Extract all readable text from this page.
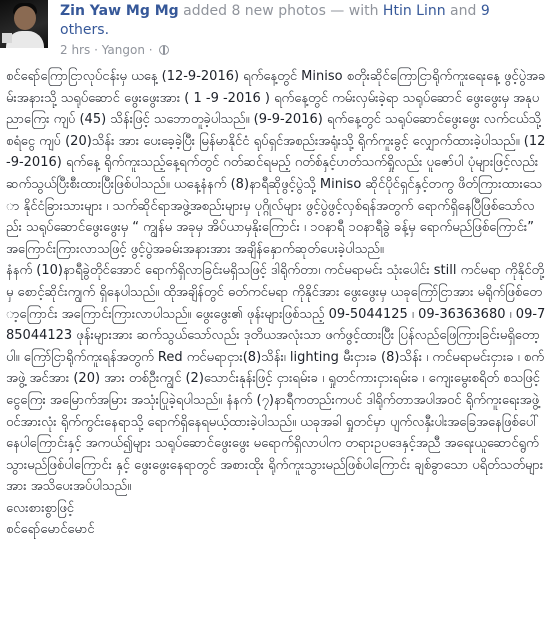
Zin Yaw Mg Mg added 8 new photos — with Htin Linn and 9 others.
2 hrs · Yangon ·

စင်ရော်ကြောငြာလုပ်ငန်းမှ ယနေ့ (12-9-2016) ရက်နေ့တွင် Miniso စတိုးဆိုင်ကြောငြာရိုက်ကူးရေးနေ့ ဖွင့်ပွဲအခမ်းအနားသို့ သရုပ်ဆောင် ဖွေးဖွေးအား ( 1 -9 -2016 ) ရက်နေ့တွင် ကမ်းလှမ်းခဲ့ရာ သရုပ်ဆောင် ဖွေးဖွေးမှ အနုပညာကြေး ကျပ် (45) သိန်းဖြင့် သဘောတူခဲ့ပါသည်။ (9-9-2016) ရက်နေ့တွင် သရုပ်ဆောင်ဖွေးဖွေး လက်ငယ်သို့ စရံငွေ ကျပ် (20)သိန်း အား ပေးခေ့ခဲ့ပြီး မြန်မာနိုင်ငံ ရုပ်ရှင်အစည်းအရုံးသို့ ရိုက်ကူးခွင့် လျှောက်ထားခဲ့ပါသည်။ (12-9-2016) ရက်နေ့ ရိုက်ကူးသည့်နေ့ရက်တွင် ဂတ်ဆင်ရမည့် ဂတ်စ်နှင့်ဟတ်သက်ရှိုလည်း ပူဇော်ပါ ပုံများဖြင့်လည်း ဆက်သွယ်ပြီးစီးထားပြီးဖြစ်ပါသည်။ ယနေ့နံနက် (8)နာရီဆိုဖွင့်ပွဲသို့ Miniso ဆိုင်ပိုင်ရှင်နှင့်တကွ ဖိတ်ကြားထားသော နိုင်ငံခြားသားများ ၊ သက်ဆိုင်ရာအဖွဲ့အစည်းများမှ ပုဂ္ဂိုလ်များ ဖွင့်ပွဲဖွင့်လှစ်ရန်အတွက် ရောက်ရှိနေပြီဖြစ်သော်လည်း သရုပ်ဆောင်ဖွေးဖွေးမှ “ ကျွန်မ အခုမှ အိပ်ယာမှနိုးကြောင်း ၊ ၁၀နာရီ ၁၀နာရီခွဲ ခန့်မှ ရောက်မည်ဖြစ်ကြောင်း” အကြောင်းကြားလာသဖြင့် ဖွင့်ပွဲအခမ်းအနားအား အချိန်နှောက်ဆုတ်ပေးခဲ့ပါသည်။

နံနက် (10)နာရီခွဲတိုင်အောင် ရောက်ရှိလာခြင်းမရှိသဖြင့် ဒါရိုက်တာ၊ ကင်မရာမင်း သုံးပေါင်း still ကင်မရာ ကိုနိုင်တို့မှ စောင့်ဆိုင်းကျွက် ရှိနေပါသည်။ ထိုအချိန်တွင် ဓတ်ကင်မရာ ကိုနိုင်အား ဖွေးဖွေးမှ ယခုကြော်ငြာအား မရိုက်ဖြစ်တော့ကြောင်း အကြောင်းကြားလာပါသည်။ ဖွေးဖွေး၏ ဖုန်းများဖြစ်သည့် 09-5044125 ၊ 09-36363680 ၊ 09-785044123 ဖုန်းများအား ဆက်သွယ်သော်လည်း ဒုတိယအလုံးသာ ဖက်ဖွင့်ထားပြီး ပြန်လည်ဖြေကြားခြင်းမရှိတော့ပါ။ ကြော်ငြာရိုက်ကူးရန်အတွက် Red ကင်မရာငှား(8)သိန်း၊ lighting မီးငှားခ (8)သိန်း ၊ ကင်မရာမင်းငှားခ ၊ စက်အဖွဲ့ အင်အား (20) အား တစ်ဦးကျွင် (2)သောင်းနုန်းဖြင့် ငှားရမ်းခ ၊ ရှုတင်ကားငှားရမ်းခ ၊ ကျေးမွေးစရိတ် စသဖြင့် ငွေကြေး အမြောက်အမြား အသုံးပြုခဲ့ရပါသည်။ နံနက် (၇)နာရီကတည်းကပင် ဒါရိုက်တာအပါအဝင် ရိုက်ကူးရေးအဖွဲ့ ဝင်အားလုံး ရိုက်ကွင်းနေရာသို့ ရောက်ရှိနေရမယ့်ထားခဲ့ပါသည်။ ယခုအခါ ရှုတင်မှာ ပျက်လနှီးပါးအခြေအနေဖြစ်ပေါ် နေပါကြောင်းနှင့် အကယ်၍များ သရုပ်ဆောင်ဖွေးဖွေး မရောက်ရှိလာပါက တရားဥပဒေနှင့်အညီ အရေးယူဆောင်ရွက်သွားမည်ဖြစ်ပါကြောင်း နှင့် ဖွေးဖွေးနေရာတွင် အစားထိုး ရိုက်ကူးသွားမည်ဖြစ်ပါကြောင်း ချစ်ခွာသော ပရိတ်သတ်များအား အသိပေးအပ်ပါသည်။

လေးစားစွာဖြင့်

စင်ရော်မောင်မောင်
